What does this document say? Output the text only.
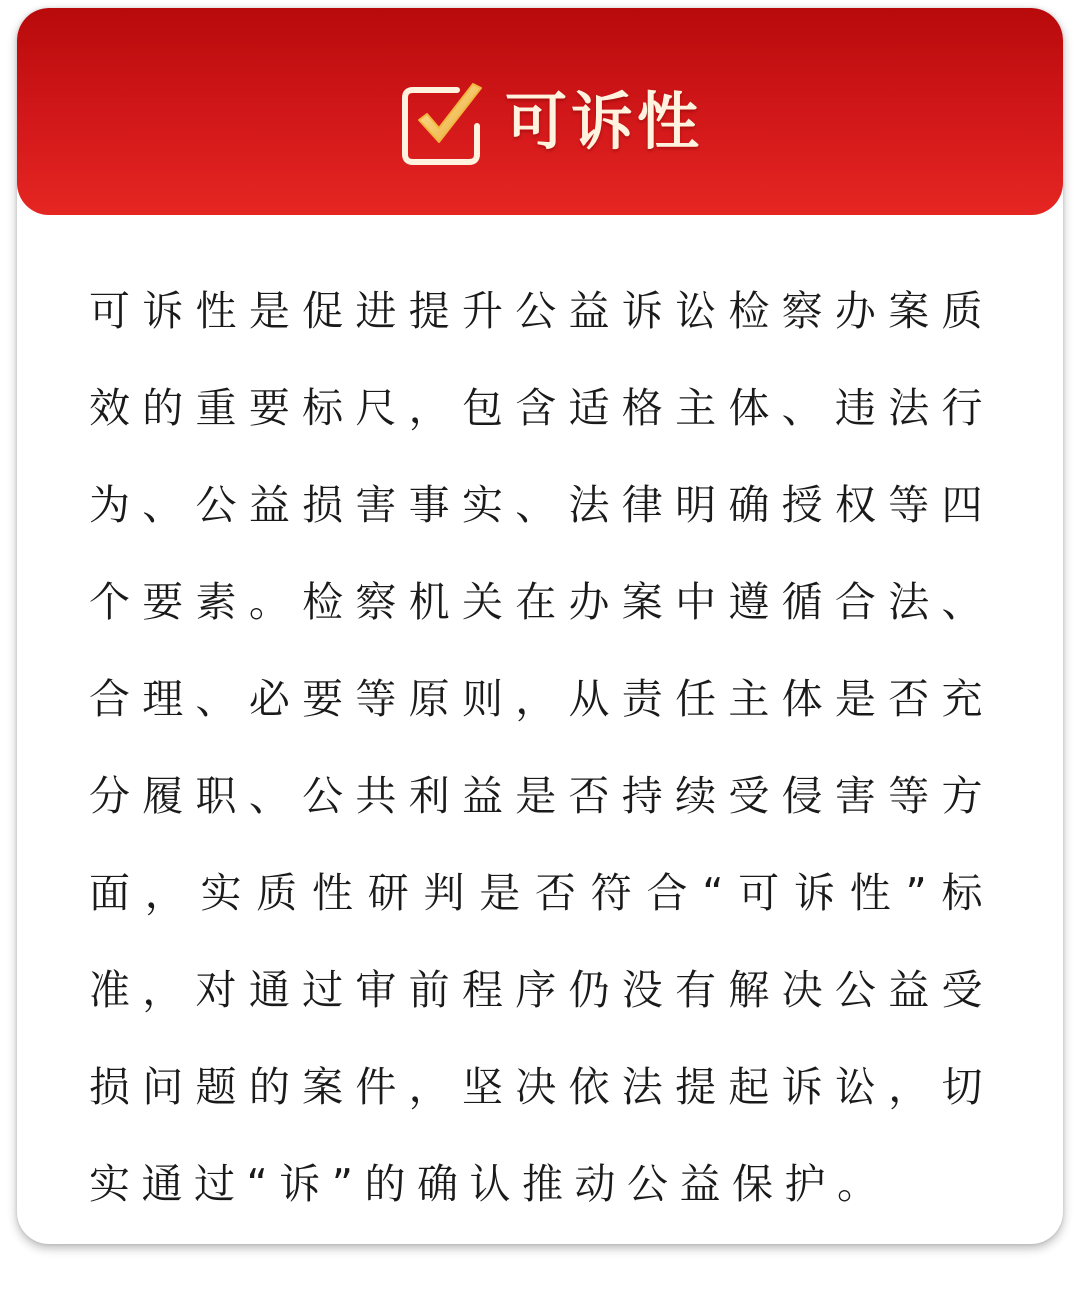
可诉性

可诉性是促进提升公益诉讼检察办案质效的重要标尺，包含适格主体、违法行为、公益损害事实、法律明确授权等四个要素。检察机关在办案中遵循合法、合理、必要等原则，从责任主体是否充分履职、公共利益是否持续受侵害等方面，实质性研判是否符合“可诉性”标准，对通过审前程序仍没有解决公益受损问题的案件，坚决依法提起诉讼，切实通过“诉”的确认推动公益保护。
